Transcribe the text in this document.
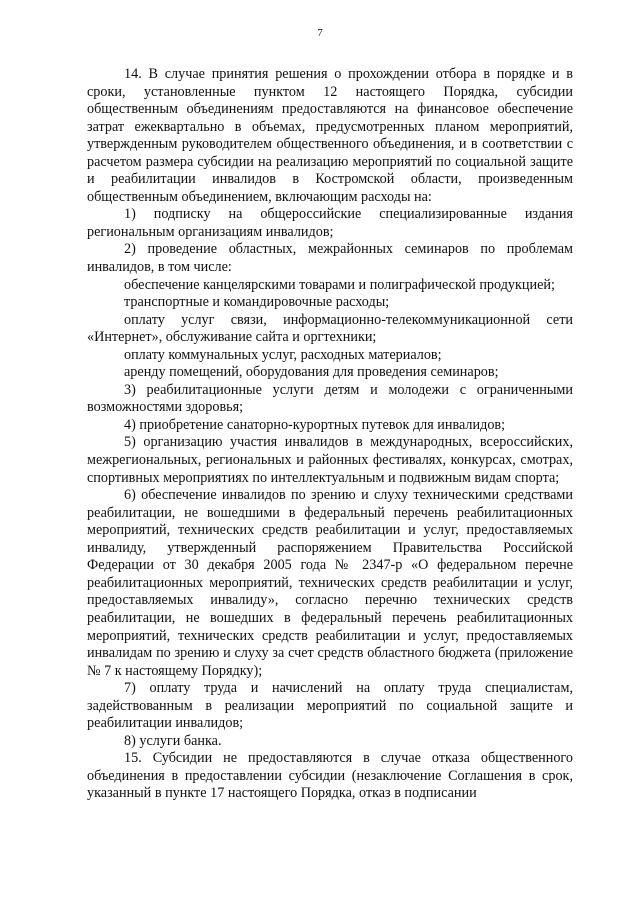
7

14. В случае принятия решения о прохождении отбора в порядке и в сроки, установленные пунктом 12 настоящего Порядка, субсидии общественным объединениям предоставляются на финансовое обеспечение затрат ежеквартально в объемах, предусмотренных планом мероприятий, утвержденным руководителем общественного объединения, и в соответствии с расчетом размера субсидии на реализацию мероприятий по социальной защите и реабилитации инвалидов в Костромской области, произведенным общественным объединением, включающим расходы на:

1) подписку на общероссийские специализированные издания региональным организациям инвалидов;

2) проведение областных, межрайонных семинаров по проблемам инвалидов, в том числе:

обеспечение канцелярскими товарами и полиграфической продукцией;

транспортные и командировочные расходы;

оплату услуг связи, информационно-телекоммуникационной сети «Интернет», обслуживание сайта и оргтехники;

оплату коммунальных услуг, расходных материалов;

аренду помещений, оборудования для проведения семинаров;

3) реабилитационные услуги детям и молодежи с ограниченными возможностями здоровья;

4) приобретение санаторно-курортных путевок для инвалидов;

5) организацию участия инвалидов в международных, всероссийских, межрегиональных, региональных и районных фестивалях, конкурсах, смотрах, спортивных мероприятиях по интеллектуальным и подвижным видам спорта;

6) обеспечение инвалидов по зрению и слуху техническими средствами реабилитации, не вошедшими в федеральный перечень реабилитационных мероприятий, технических средств реабилитации и услуг, предоставляемых инвалиду, утвержденный распоряжением Правительства Российской Федерации от 30 декабря 2005 года № 2347-р «О федеральном перечне реабилитационных мероприятий, технических средств реабилитации и услуг, предоставляемых инвалиду», согласно перечню технических средств реабилитации, не вошедших в федеральный перечень реабилитационных мероприятий, технических средств реабилитации и услуг, предоставляемых инвалидам по зрению и слуху за счет средств областного бюджета (приложение № 7 к настоящему Порядку);

7) оплату труда и начислений на оплату труда специалистам, задействованным в реализации мероприятий по социальной защите и реабилитации инвалидов;

8) услуги банка.

15. Субсидии не предоставляются в случае отказа общественного объединения в предоставлении субсидии (незаключение Соглашения в срок, указанный в пункте 17 настоящего Порядка, отказ в подписании
